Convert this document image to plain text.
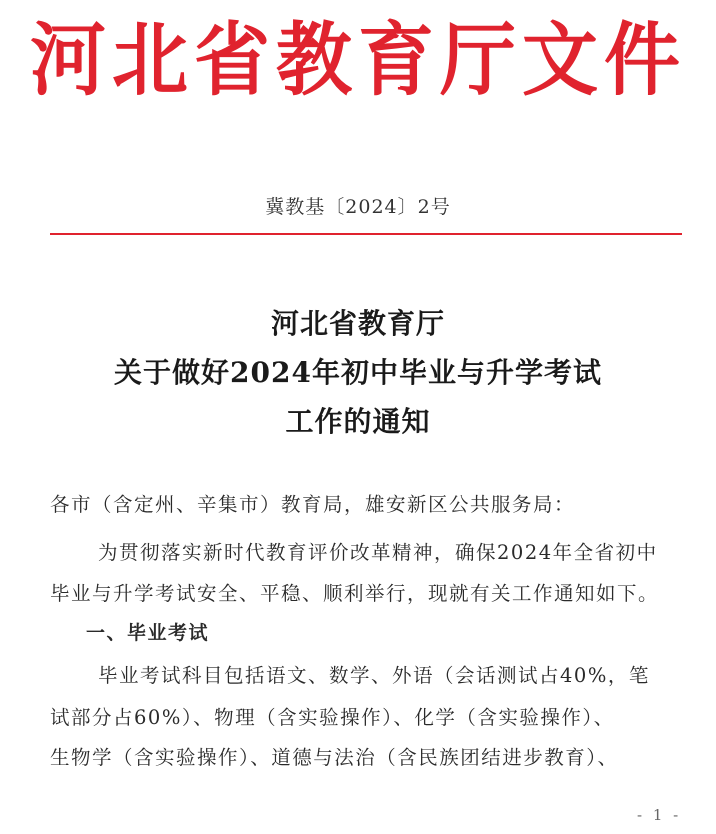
河北省教育厅文件
冀教基〔2024〕2号
河北省教育厅
关于做好2024年初中毕业与升学考试
工作的通知
各市（含定州、辛集市）教育局，雄安新区公共服务局：
为贯彻落实新时代教育评价改革精神，确保2024年全省初中
毕业与升学考试安全、平稳、顺利举行，现就有关工作通知如下。
一、毕业考试
毕业考试科目包括语文、数学、外语（会话测试占40%，笔
试部分占60%）、物理（含实验操作）、化学（含实验操作）、
生物学（含实验操作）、道德与法治（含民族团结进步教育）、
- 1 -
